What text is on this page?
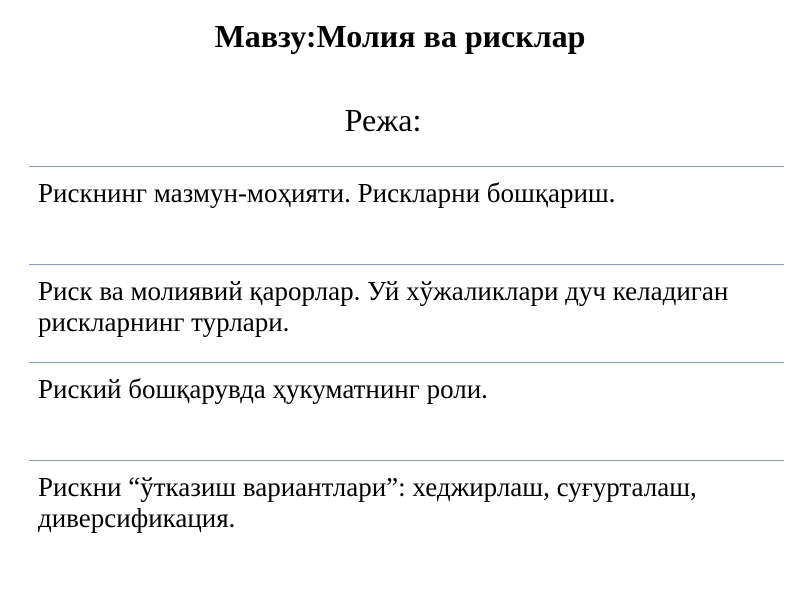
Мавзу:Молия ва рисклар
Режа:
Рискнинг мазмун-моҳияти. Рискларни бошқариш.
Риск ва молиявий қарорлар. Уй хўжаликлари дуч келадиган рискларнинг турлари.
Риский бошқарувда ҳукуматнинг роли.
Рискни “ўтказиш вариантлари”: хеджирлаш, суғурталаш, диверсификация.
